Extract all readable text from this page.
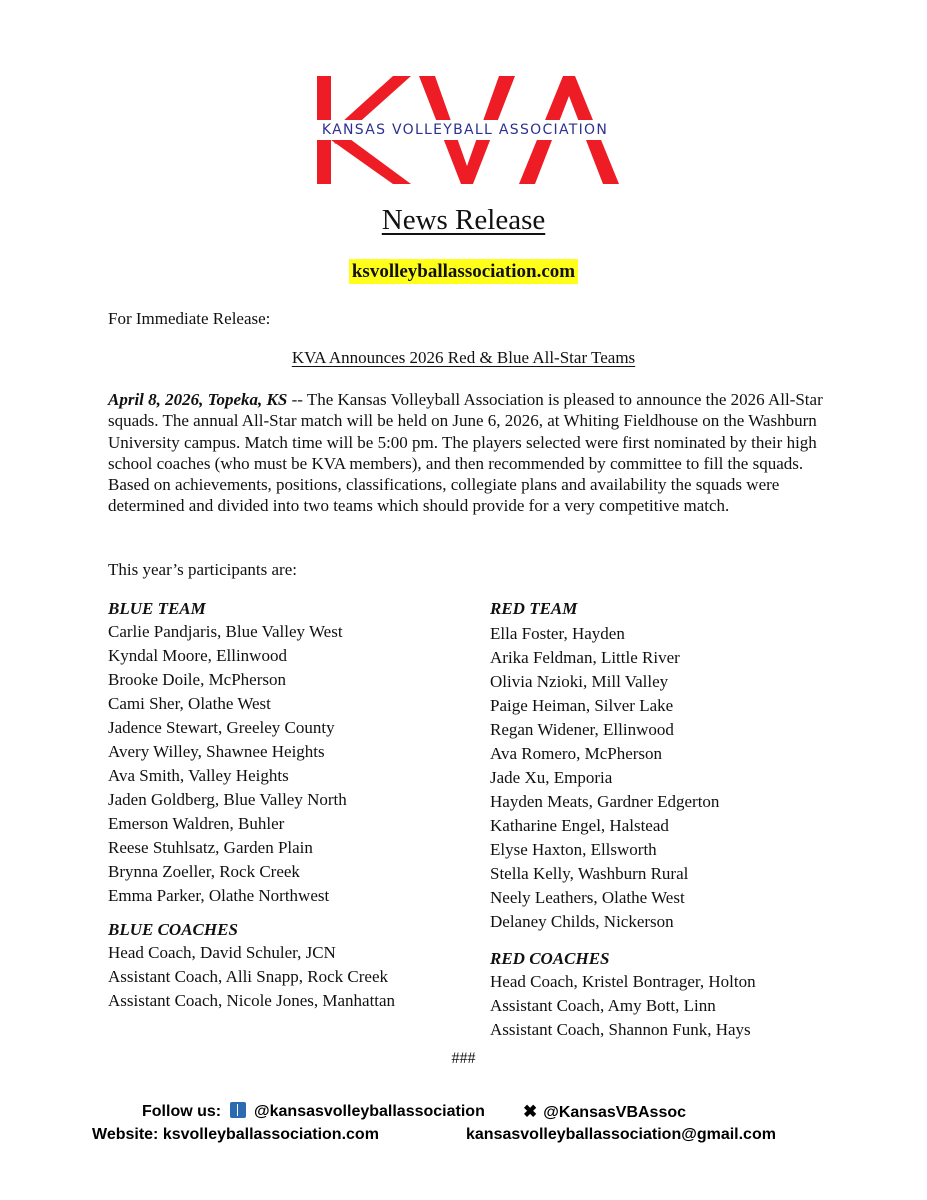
KANSAS VOLLEYBALL ASSOCIATION
News Release
ksvolleyballassociation.com
For Immediate Release:
KVA Announces 2026 Red & Blue All-Star Teams

April 8, 2026, Topeka, KS -- The Kansas Volleyball Association is pleased to announce the 2026 All-Star squads. The annual All-Star match will be held on June 6, 2026, at Whiting Fieldhouse on the Washburn University campus. Match time will be 5:00 pm. The players selected were first nominated by their high school coaches (who must be KVA members), and then recommended by committee to fill the squads. Based on achievements, positions, classifications, collegiate plans and availability the squads were determined and divided into two teams which should provide for a very competitive match.

This year’s participants are:
BLUE TEAM
Carlie Pandjaris, Blue Valley West
Kyndal Moore, Ellinwood
Brooke Doile, McPherson
Cami Sher, Olathe West
Jadence Stewart, Greeley County
Avery Willey, Shawnee Heights
Ava Smith, Valley Heights
Jaden Goldberg, Blue Valley North
Emerson Waldren, Buhler
Reese Stuhlsatz, Garden Plain
Brynna Zoeller, Rock Creek
Emma Parker, Olathe Northwest
BLUE COACHES
Head Coach, David Schuler, JCN
Assistant Coach, Alli Snapp, Rock Creek
Assistant Coach, Nicole Jones, Manhattan
RED TEAM
Ella Foster, Hayden
Arika Feldman, Little River
Olivia Nzioki, Mill Valley
Paige Heiman, Silver Lake
Regan Widener, Ellinwood
Ava Romero, McPherson
Jade Xu, Emporia
Hayden Meats, Gardner Edgerton
Katharine Engel, Halstead
Elyse Haxton, Ellsworth
Stella Kelly, Washburn Rural
Neely Leathers, Olathe West
Delaney Childs, Nickerson
RED COACHES
Head Coach, Kristel Bontrager, Holton
Assistant Coach, Amy Bott, Linn
Assistant Coach, Shannon Funk, Hays
###
Follow us: @kansasvolleyballassociation ✖ @KansasVBAssoc
Website: ksvolleyballassociation.com	kansasvolleyballassociation@gmail.com
